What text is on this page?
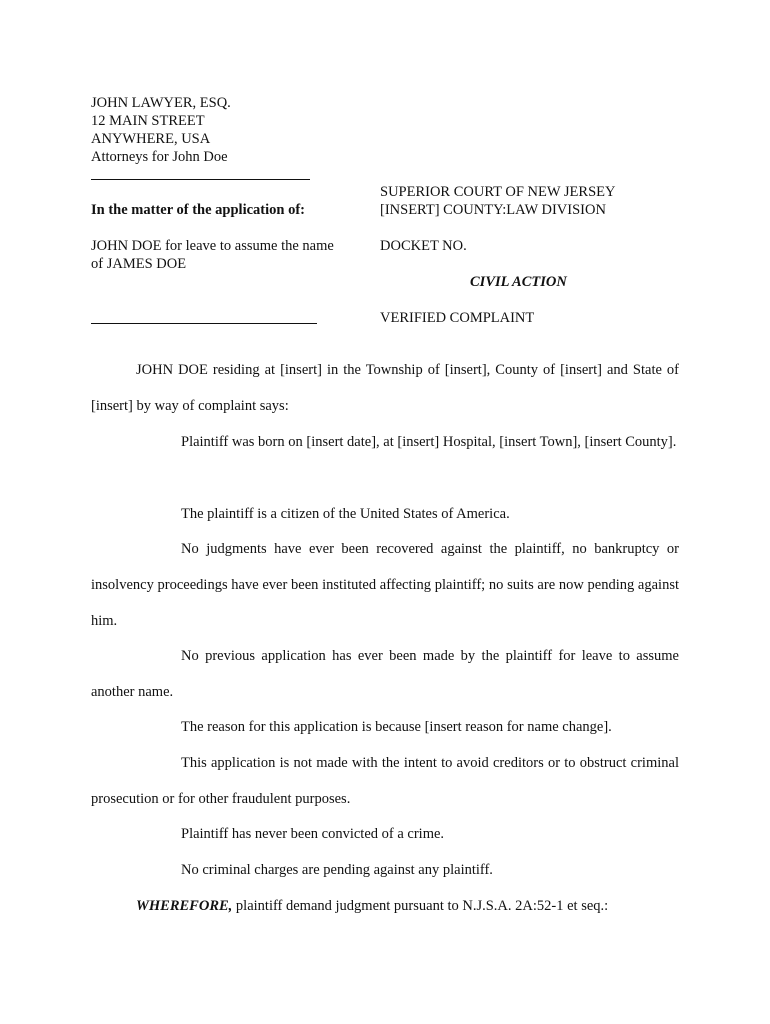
JOHN LAWYER, ESQ.
12 MAIN STREET
ANYWHERE, USA
Attorneys for John Doe
SUPERIOR COURT OF NEW JERSEY
[INSERT] COUNTY:LAW DIVISION
In the matter of the application of:
JOHN DOE for leave to assume the name
of JAMES DOE
DOCKET NO.
CIVIL ACTION
VERIFIED COMPLAINT
JOHN DOE residing at [insert] in the Township of [insert], County of [insert] and State of [insert] by way of complaint says:
Plaintiff was born on [insert date], at [insert] Hospital, [insert Town], [insert County].
The plaintiff is a citizen of the United States of America.
No judgments have ever been recovered against the plaintiff, no bankruptcy or insolvency proceedings have ever been instituted affecting plaintiff; no suits are now pending against him.
No previous application has ever been made by the plaintiff for leave to assume another name.
The reason for this application is because [insert reason for name change].
This application is not made with the intent to avoid creditors or to obstruct criminal prosecution or for other fraudulent purposes.
Plaintiff has never been convicted of a crime.
No criminal charges are pending against any plaintiff.
WHEREFORE, plaintiff demand judgment pursuant to N.J.S.A. 2A:52-1 et seq.:
